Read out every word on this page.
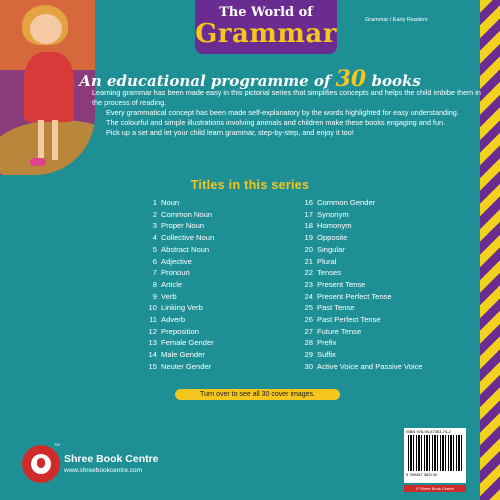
The World of
Grammar	Grammar / Early Readers
An educational programme of 30 books

Learning grammar has been made easy in this pictorial series that simplifies concepts and helps the child imbibe them in the process of reading.

Every grammatical concept has been made self-explanatory by the words highlighted for easy understanding.

The colourful and simple illustrations involving animals and children make these books engaging and fun.

Pick up a set and let your child learn grammar, step-by-step, and enjoy it too!

Titles in this series
1 Noun
2 Common Noun
3 Proper Noun
4 Collective Noun
5 Abstract Noun
6 Adjective
7 Pronoun
8 Article
9 Verb
10 Linking Verb
11 Adverb
12 Preposition
13 Female Gender
14 Male Gender
15 Neuter Gender
16 Common Gender
17 Synonym
18 Homonym
19 Opposite
20 Singular
21 Plural
22 Tenses
23 Present Tense
24 Present Perfect Tense
25 Past Tense
26 Past Perfect Tense
27 Future Tense
28 Prefix
29 Suffix
30 Active Voice and Passive Voice
Turn over to see all 30 cover images.
TM
Shree Book Centre
www.shreebookcentre.com
ISBN 978-93-87363-74-2
9 789387 363742
© Shree Book Centre
